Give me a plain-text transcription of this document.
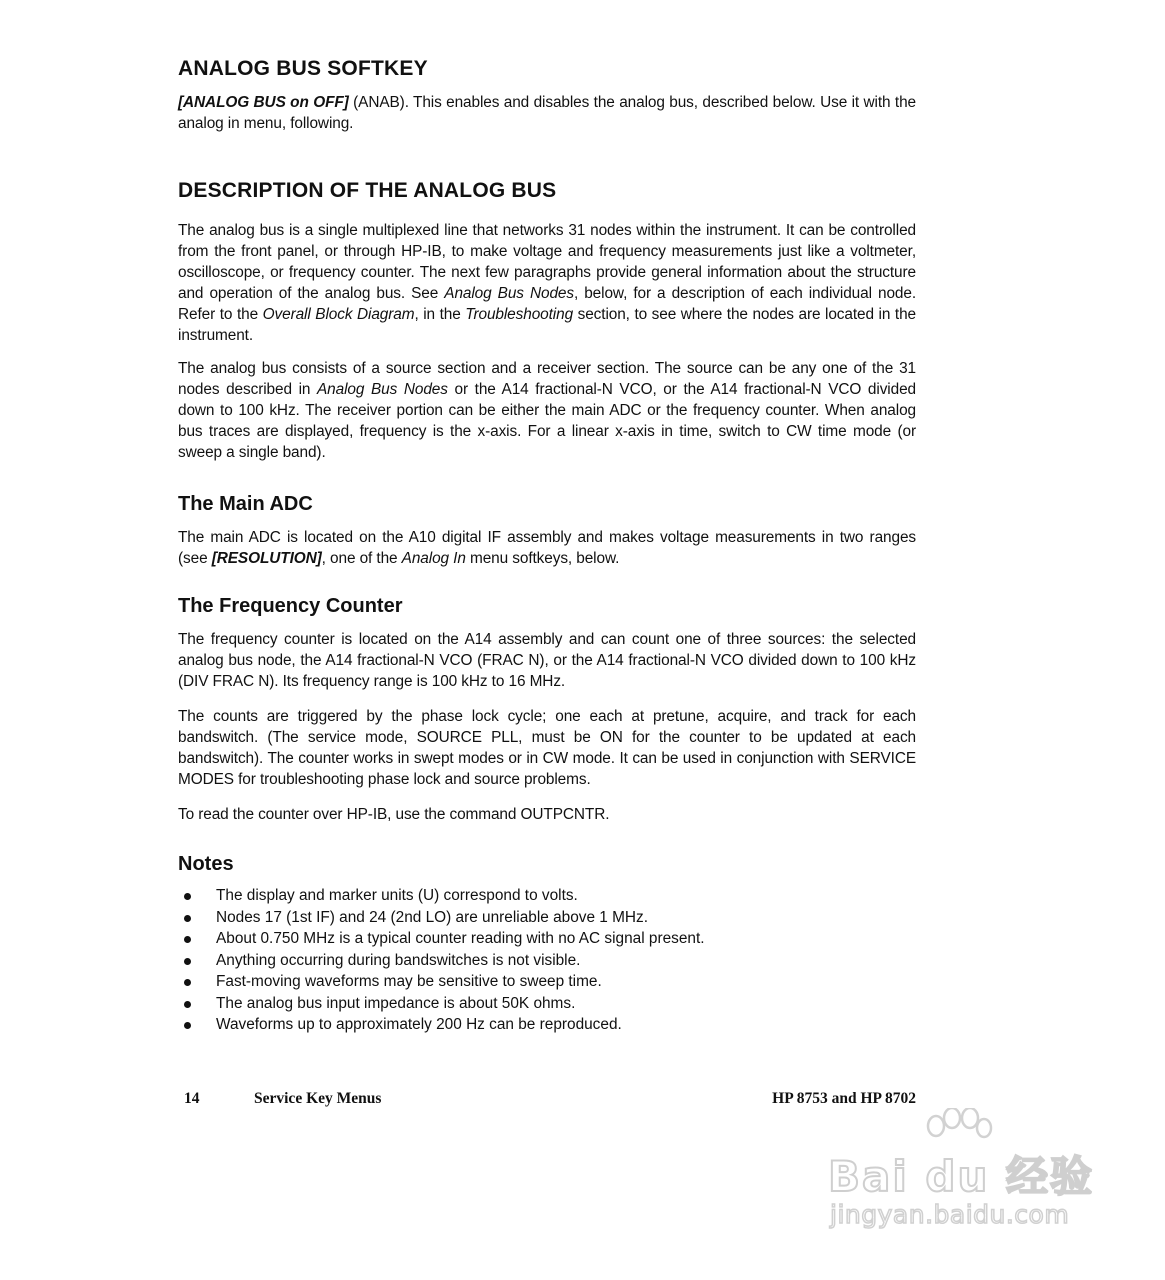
ANALOG BUS SOFTKEY

[ANALOG BUS on OFF] (ANAB). This enables and disables the analog bus, described below. Use it with the analog in menu, following.

DESCRIPTION OF THE ANALOG BUS

The analog bus is a single multiplexed line that networks 31 nodes within the instrument. It can be controlled from the front panel, or through HP-IB, to make voltage and frequency measurements just like a voltmeter, oscilloscope, or frequency counter. The next few paragraphs provide general information about the structure and operation of the analog bus. See Analog Bus Nodes, below, for a description of each individual node. Refer to the Overall Block Diagram, in the Troubleshooting section, to see where the nodes are located in the instrument.

The analog bus consists of a source section and a receiver section. The source can be any one of the 31 nodes described in Analog Bus Nodes or the A14 fractional-N VCO, or the A14 fractional-N VCO divided down to 100 kHz. The receiver portion can be either the main ADC or the frequency counter. When analog bus traces are displayed, frequency is the x-axis. For a linear x-axis in time, switch to CW time mode (or sweep a single band).

The Main ADC

The main ADC is located on the A10 digital IF assembly and makes voltage measurements in two ranges (see [RESOLUTION], one of the Analog In menu softkeys, below.

The Frequency Counter

The frequency counter is located on the A14 assembly and can count one of three sources: the selected analog bus node, the A14 fractional-N VCO (FRAC N), or the A14 fractional-N VCO divided down to 100 kHz (DIV FRAC N). Its frequency range is 100 kHz to 16 MHz.

The counts are triggered by the phase lock cycle; one each at pretune, acquire, and track for each bandswitch. (The service mode, SOURCE PLL, must be ON for the counter to be updated at each bandswitch). The counter works in swept modes or in CW mode. It can be used in conjunction with SERVICE MODES for troubleshooting phase lock and source problems.

To read the counter over HP-IB, use the command OUTPCNTR.

Notes
The display and marker units (U) correspond to volts.
Nodes 17 (1st IF) and 24 (2nd LO) are unreliable above 1 MHz.
About 0.750 MHz is a typical counter reading with no AC signal present.
Anything occurring during bandswitches is not visible.
Fast-moving waveforms may be sensitive to sweep time.
The analog bus input impedance is about 50K ohms.
Waveforms up to approximately 200 Hz can be reproduced.
14	Service Key Menus	HP 8753 and HP 8702
Bai du 经验
jingyan.baidu.com
